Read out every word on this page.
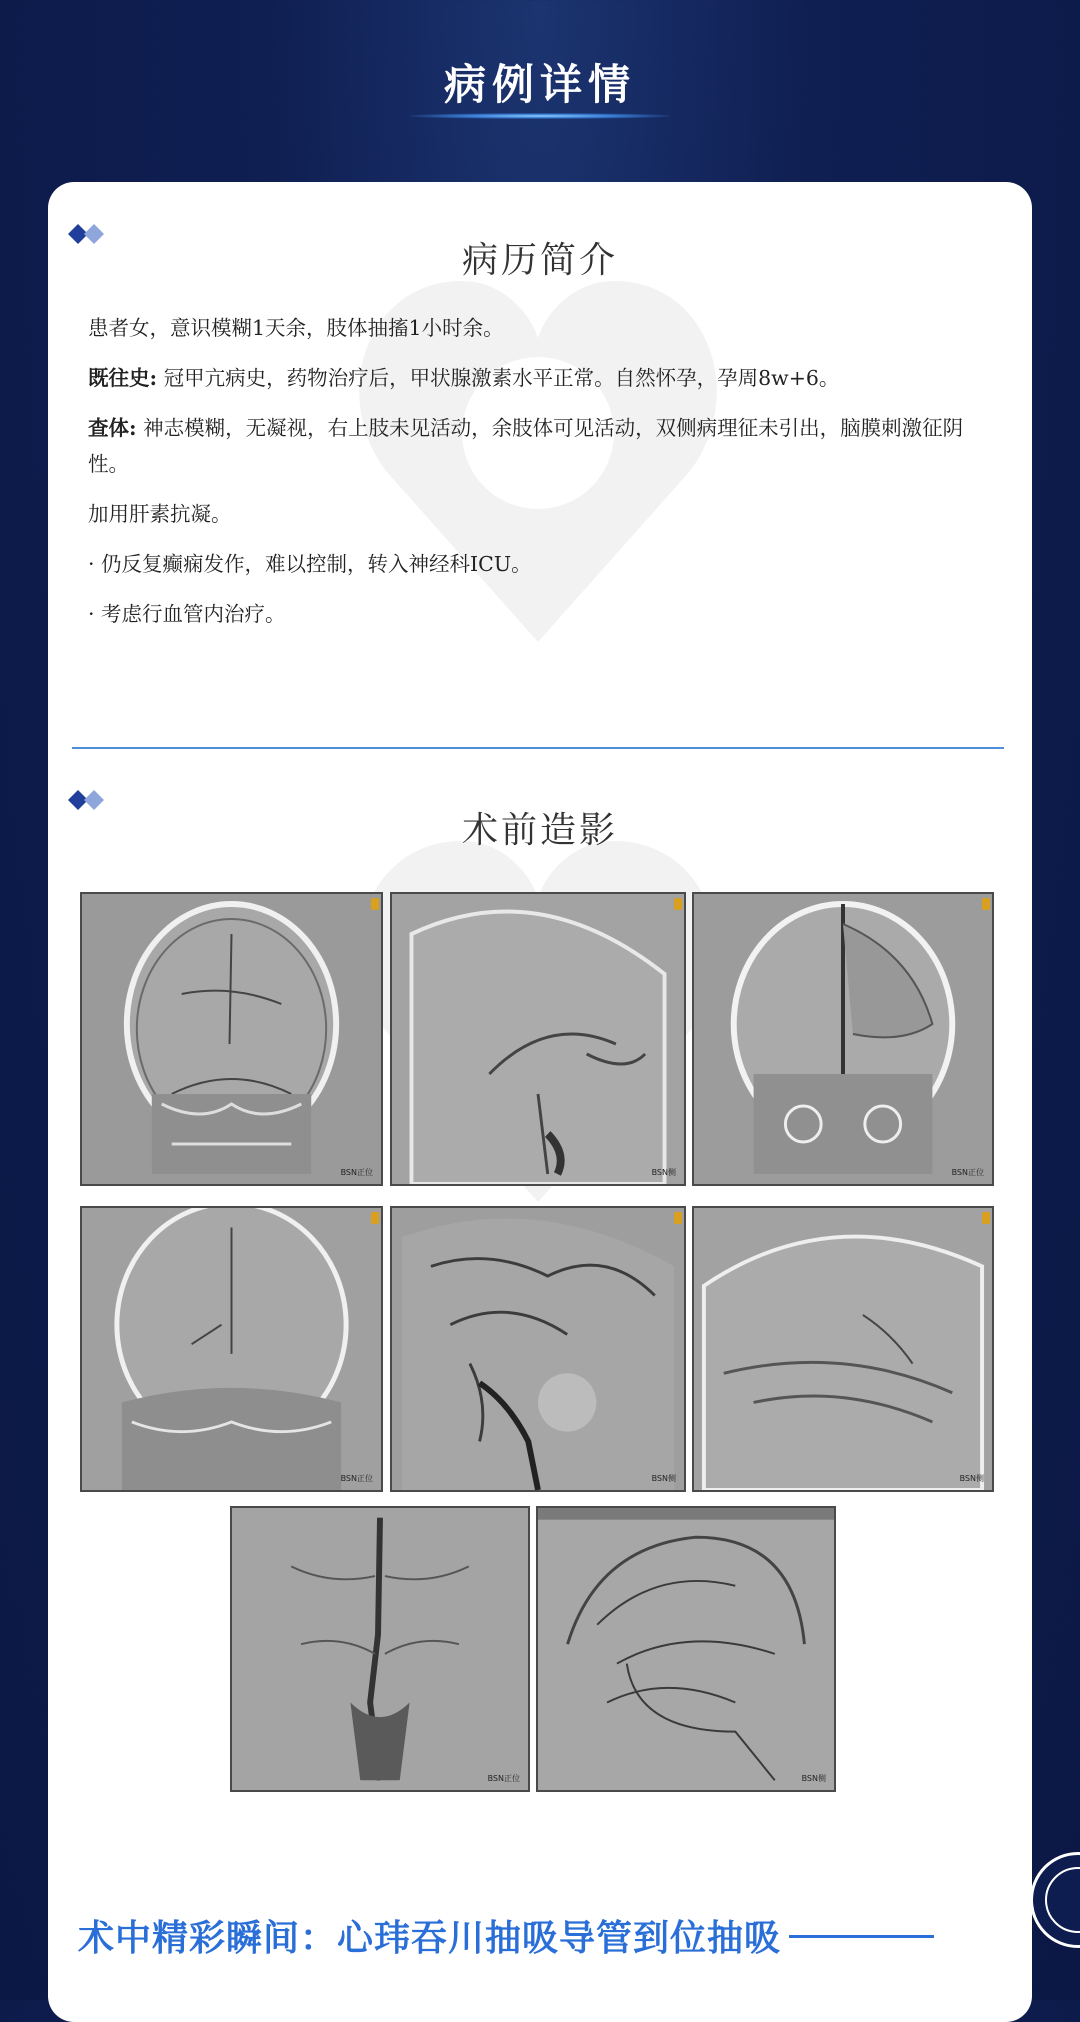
病例详情
病历简介

患者女，意识模糊1天余，肢体抽搐1小时余。

既往史: 冠甲亢病史，药物治疗后，甲状腺激素水平正常。自然怀孕，孕周8w+6。

查体: 神志模糊，无凝视，右上肢未见活动，余肢体可见活动，双侧病理征未引出，脑膜刺激征阴性。

加用肝素抗凝。

· 仍反复癫痫发作，难以控制，转入神经科ICU。

· 考虑行血管内治疗。

术前造影
BSN正位	BSN侧	BSN正位
BSN正位	BSN侧	BSN侧
BSN正位	BSN侧
术中精彩瞬间：心玮吞川抽吸导管到位抽吸
